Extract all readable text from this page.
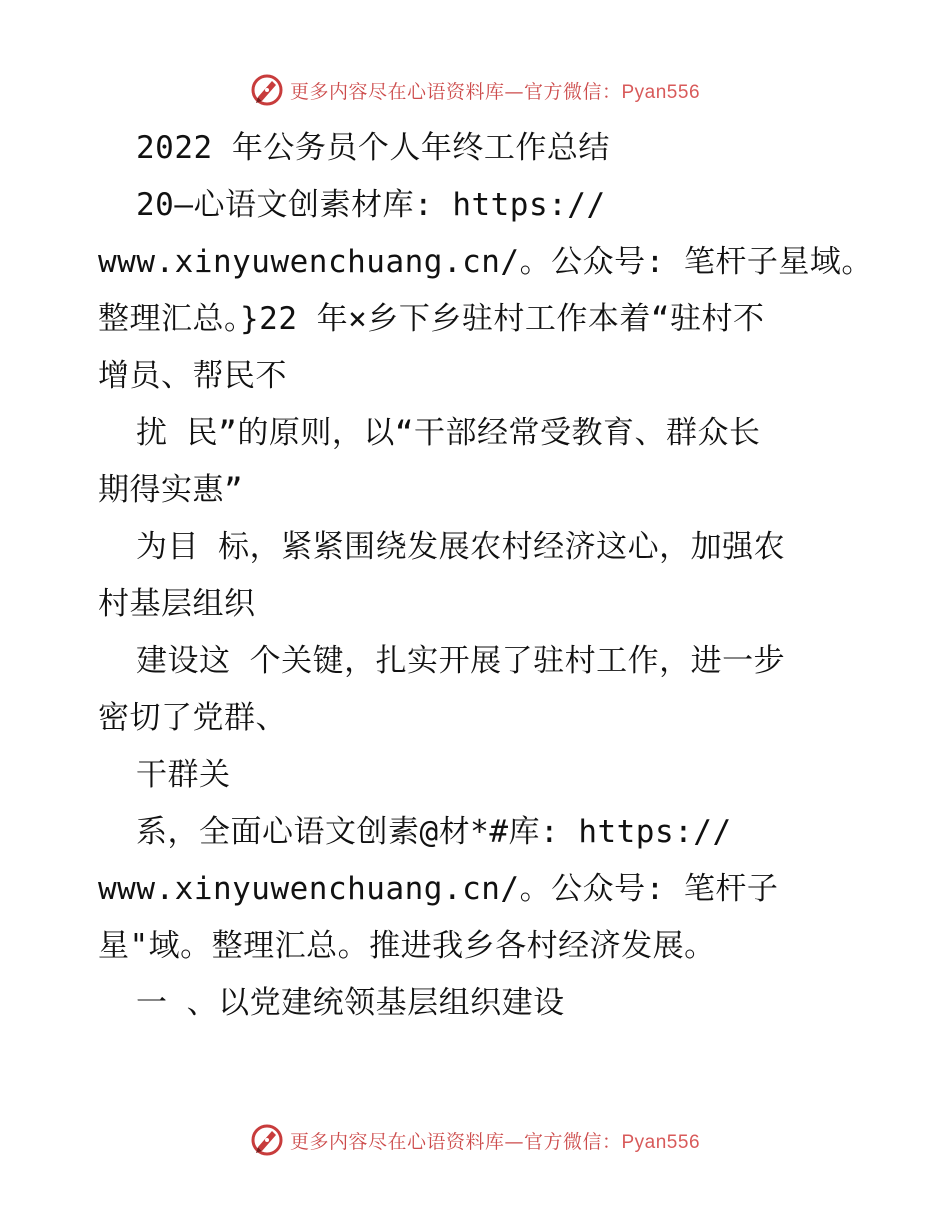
更多内容尽在心语资料库—官方微信：Pyan556
2022 年公务员个人年终工作总结
20—心语文创素材库: https://
www.xinyuwenchuang.cn/。公众号: 笔杆子星域。
整理汇总。}22 年×乡下乡驻村工作本着“驻村不
增员、帮民不
扰 民”的原则，以“干部经常受教育、群众长
期得实惠”
为目 标，紧紧围绕发展农村经济这心，加强农
村基层组织
建设这 个关键，扎实开展了驻村工作，进一步
密切了党群、
干群关
系，全面心语文创素@材*#库: https://
www.xinyuwenchuang.cn/。公众号: 笔杆子
星"域。整理汇总。推进我乡各村经济发展。
一 、以党建统领基层组织建设
更多内容尽在心语资料库—官方微信：Pyan556
